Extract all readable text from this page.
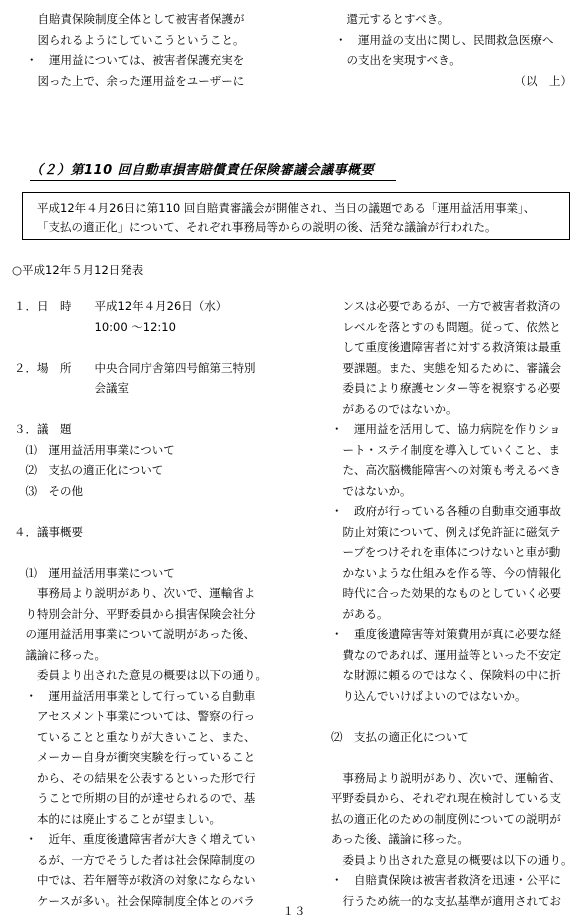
　自賠責保険制度全体として被害者保護が
　図られるようにしていこうということ。
・　運用益については、被害者保護充実を
　図った上で、余った運用益をユーザーに
　還元するとすべき。
・　運用益の支出に関し、民間救急医療へ
　の支出を実現すべき。
（以　上）
（２）第110 回自動車損害賠償責任保険審議会議事概要
平成12年４月26日に第110 回自賠責審議会が開催され、当日の議題である「運用益活用事業」、
「支払の適正化」について、それぞれ事務局等からの説明の後、活発な議論が行われた。
○平成12年５月12日発表
１．日　時　　平成12年４月26日（水）
　　　　　　　10:00 ～12:10
２．場　所　　中央合同庁舎第四号館第三特別
　　　　　　　会議室
３．議　題
　⑴　運用益活用事業について
　⑵　支払の適正化について
　⑶　その他
４．議事概要
　⑴　運用益活用事業について
　　事務局より説明があり、次いで、運輸省よ
　り特別会計分、平野委員から損害保険会社分
　の運用益活用事業について説明があった後、
　議論に移った。
　　委員より出された意見の概要は以下の通り。
　・　運用益活用事業として行っている自動車
　　アセスメント事業については、警察の行っ
　　ていることと重なりが大きいこと、また、
　　メーカー自身が衝突実験を行っていること
　　から、その結果を公表するといった形で行
　　うことで所期の目的が達せられるので、基
　　本的には廃止することが望ましい。
　・　近年、重度後遺障害者が大きく増えてい
　　るが、一方でそうした者は社会保障制度の
　　中では、若年層等が救済の対象にならない
　　ケースが多い。社会保障制度全体とのバラ
　ンスは必要であるが、一方で被害者救済の
　レベルを落とすのも問題。従って、依然と
　して重度後遺障害者に対する救済策は最重
　要課題。また、実態を知るために、審議会
　委員により療護センター等を視察する必要
　があるのではないか。
・　運用益を活用して、協力病院を作りショ
　ート・ステイ制度を導入していくこと、ま
　た、高次脳機能障害への対策も考えるべき
　ではないか。
・　政府が行っている各種の自動車交通事故
　防止対策について、例えば免許証に磁気テ
　ープをつけそれを車体につけないと車が動
　かないような仕組みを作る等、今の情報化
　時代に合った効果的なものとしていく必要
　がある。
・　重度後遺障害等対策費用が真に必要な経
　費なのであれば、運用益等といった不安定
　な財源に頼るのではなく、保険料の中に折
　り込んでいけばよいのではないか。
⑵　支払の適正化について
　事務局より説明があり、次いで、運輸省、
平野委員から、それぞれ現在検討している支
払の適正化のための制度例についての説明が
あった後、議論に移った。
　委員より出された意見の概要は以下の通り。
・　自賠責保険は被害者救済を迅速・公平に
　行うため統一的な支払基準が適用されてお
１３
